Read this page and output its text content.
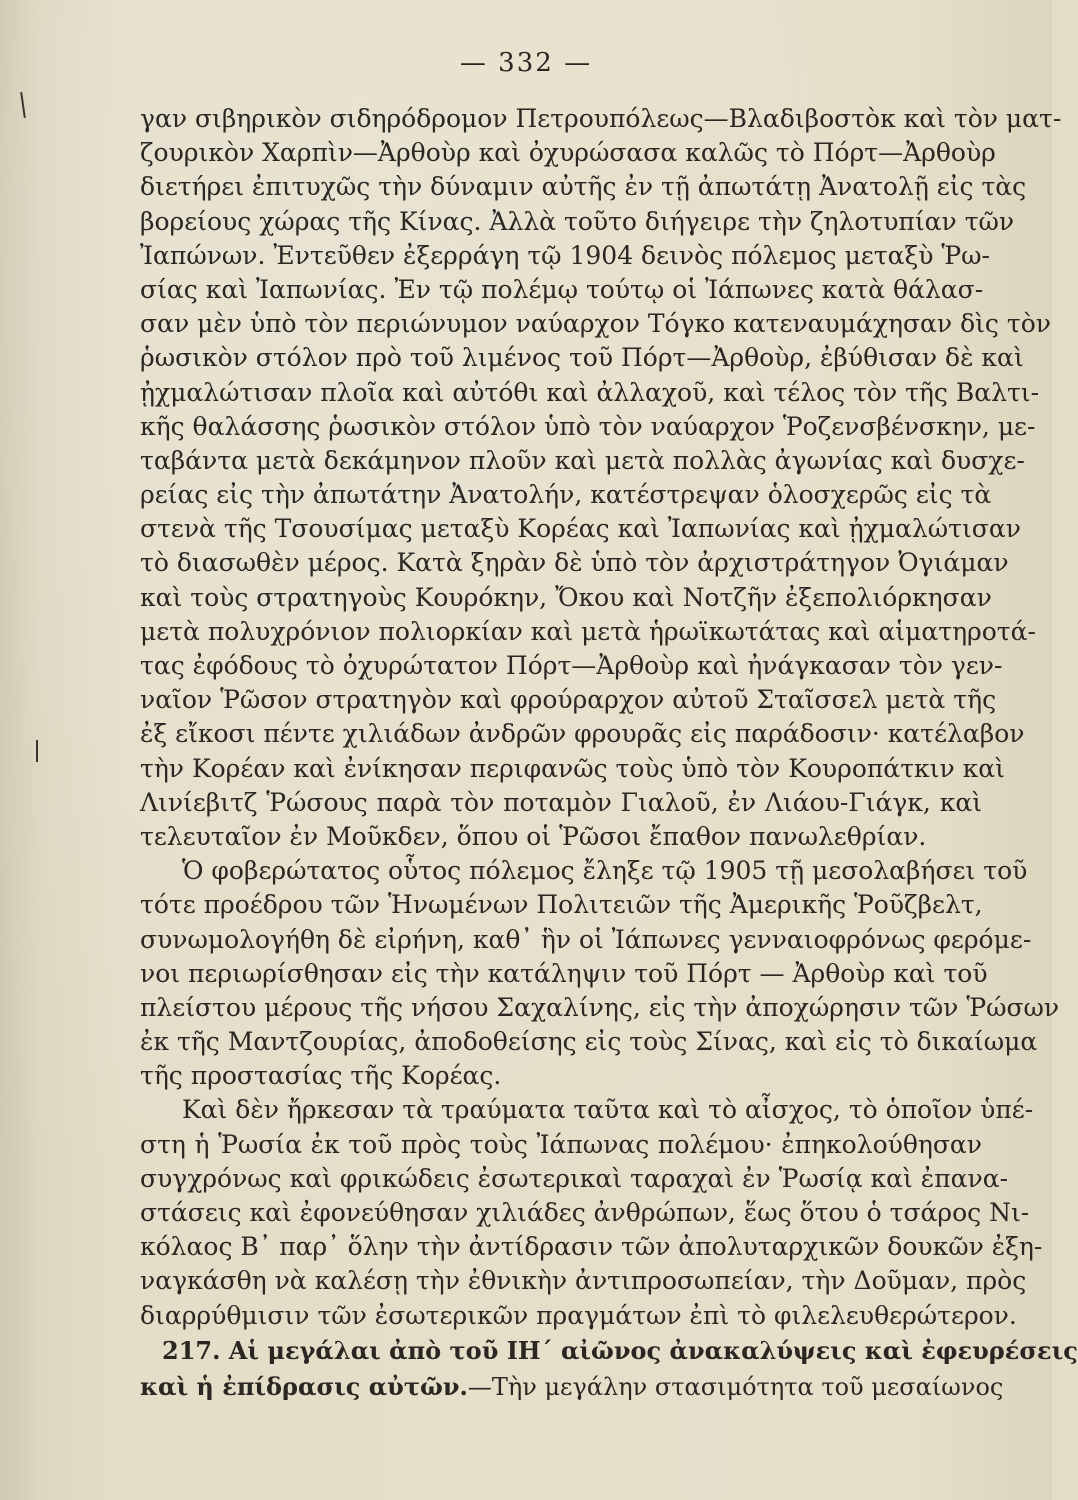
— 332 —
γαν σιβηρικὸν σιδηρόδρομον Πετρουπόλεως—Βλαδιβοστὸκ καὶ τὸν ματ-
ζουρικὸν Χαρπὶν—Ἀρθοὺρ καὶ ὀχυρώσασα καλῶς τὸ Πόρτ—Ἀρθοὺρ
διετήρει ἐπιτυχῶς τὴν δύναμιν αὐτῆς ἐν τῇ ἀπωτάτῃ Ἀνατολῇ εἰς τὰς
βορείους χώρας τῆς Κίνας. Ἀλλὰ τοῦτο διήγειρε τὴν ζηλοτυπίαν τῶν
Ἰαπώνων. Ἐντεῦθεν ἐξερράγη τῷ 1904 δεινὸς πόλεμος μεταξὺ Ῥω-
σίας καὶ Ἰαπωνίας. Ἐν τῷ πολέμῳ τούτῳ οἱ Ἰάπωνες κατὰ θάλασ-
σαν μὲν ὑπὸ τὸν περιώνυμον ναύαρχον Τόγκο κατεναυμάχησαν δὶς τὸν
ῥωσικὸν στόλον πρὸ τοῦ λιμένος τοῦ Πόρτ—Ἀρθοὺρ, ἐβύθισαν δὲ καὶ
ᾐχμαλώτισαν πλοῖα καὶ αὐτόθι καὶ ἀλλαχοῦ, καὶ τέλος τὸν τῆς Βαλτι-
κῆς θαλάσσης ῥωσικὸν στόλον ὑπὸ τὸν ναύαρχον Ῥοζενσβένσκην, με-
ταβάντα μετὰ δεκάμηνον πλοῦν καὶ μετὰ πολλὰς ἀγωνίας καὶ δυσχε-
ρείας εἰς τὴν ἀπωτάτην Ἀνατολήν, κατέστρεψαν ὁλοσχερῶς εἰς τὰ
στενὰ τῆς Τσουσίμας μεταξὺ Κορέας καὶ Ἰαπωνίας καὶ ᾐχμαλώτισαν
τὸ διασωθὲν μέρος. Κατὰ ξηρὰν δὲ ὑπὸ τὸν ἀρχιστράτηγον Ὀγιάμαν
καὶ τοὺς στρατηγοὺς Κουρόκην, Ὄκου καὶ Νοτζῆν ἐξεπολιόρκησαν
μετὰ πολυχρόνιον πολιορκίαν καὶ μετὰ ἡρωϊκωτάτας καὶ αἱματηροτά-
τας ἐφόδους τὸ ὀχυρώτατον Πόρτ—Ἀρθοὺρ καὶ ἠνάγκασαν τὸν γεν-
ναῖον Ῥῶσον στρατηγὸν καὶ φρούραρχον αὐτοῦ Σταῖσσελ μετὰ τῆς
ἐξ εἴκοσι πέντε χιλιάδων ἀνδρῶν φρουρᾶς εἰς παράδοσιν· κατέλαβον
τὴν Κορέαν καὶ ἐνίκησαν περιφανῶς τοὺς ὑπὸ τὸν Κουροπάτκιν καὶ
Λινίεβιτζ Ῥώσους παρὰ τὸν ποταμὸν Γιαλοῦ, ἐν Λιάου-Γιάγκ, καὶ
τελευταῖον ἐν Μοῦκδεν, ὅπου οἱ Ῥῶσοι ἔπαθον πανωλεθρίαν.
Ὁ φοβερώτατος οὗτος πόλεμος ἔληξε τῷ 1905 τῇ μεσολαβήσει τοῦ
τότε προέδρου τῶν Ἡνωμένων Πολιτειῶν τῆς Ἀμερικῆς Ῥοῦζβελτ,
συνωμολογήθη δὲ εἰρήνη, καθ᾽ ἣν οἱ Ἰάπωνες γενναιοφρόνως φερόμε-
νοι περιωρίσθησαν εἰς τὴν κατάληψιν τοῦ Πόρτ — Ἀρθοὺρ καὶ τοῦ
πλείστου μέρους τῆς νήσου Σαχαλίνης, εἰς τὴν ἀποχώρησιν τῶν Ῥώσων
ἐκ τῆς Μαντζουρίας, ἀποδοθείσης εἰς τοὺς Σίνας, καὶ εἰς τὸ δικαίωμα
τῆς προστασίας τῆς Κορέας.
Καὶ δὲν ἤρκεσαν τὰ τραύματα ταῦτα καὶ τὸ αἶσχος, τὸ ὁποῖον ὑπέ-
στη ἡ Ῥωσία ἐκ τοῦ πρὸς τοὺς Ἰάπωνας πολέμου· ἐπηκολούθησαν
συγχρόνως καὶ φρικώδεις ἐσωτερικαὶ ταραχαὶ ἐν Ῥωσίᾳ καὶ ἐπανα-
στάσεις καὶ ἐφονεύθησαν χιλιάδες ἀνθρώπων, ἕως ὅτου ὁ τσάρος Νι-
κόλαος Β᾽ παρ᾽ ὅλην τὴν ἀντίδρασιν τῶν ἀπολυταρχικῶν δουκῶν ἐξη-
ναγκάσθη νὰ καλέσῃ τὴν ἐθνικὴν ἀντιπροσωπείαν, τὴν Δοῦμαν, πρὸς
διαρρύθμισιν τῶν ἐσωτερικῶν πραγμάτων ἐπὶ τὸ φιλελευθερώτερον.
217. Αἱ μεγάλαι ἀπὸ τοῦ ΙΗ΄ αἰῶνος ἀνακαλύψεις καὶ ἐφευρέσεις
καὶ ἡ ἐπίδρασις αὐτῶν.—Τὴν μεγάλην στασιμότητα τοῦ μεσαίωνος
